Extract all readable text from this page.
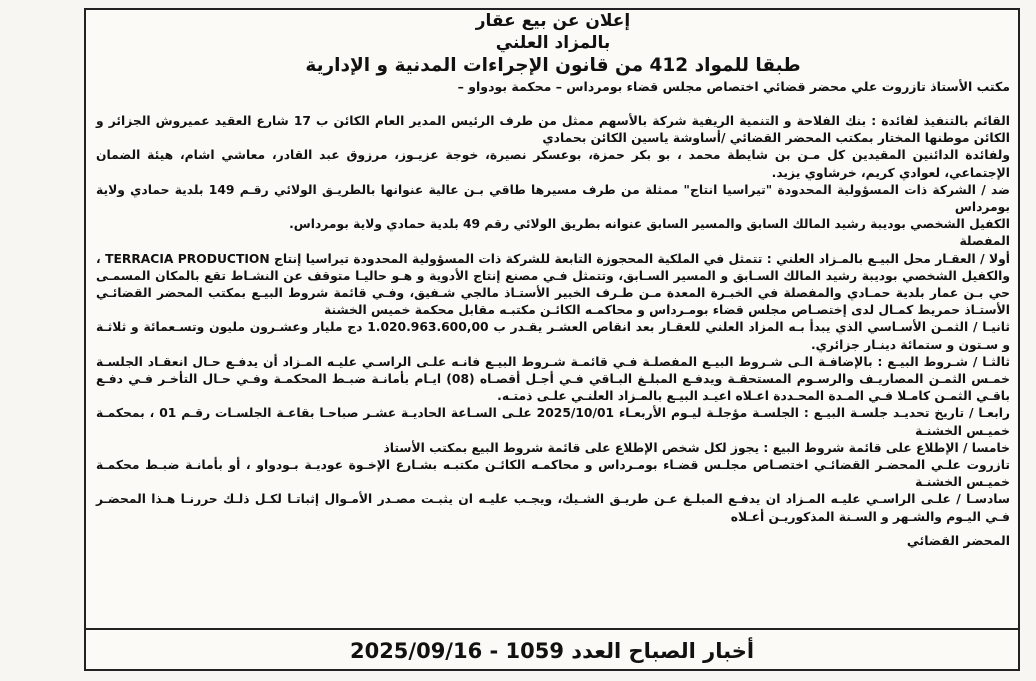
إعلان عن بيع عقار

بالمزاد العلني

طبقا للمواد 412 من قانون الإجراءات المدنية و الإدارية

مكتب الأستاذ تازروت علي محضر قضائي اختصاص مجلس قضاء بومرداس – محكمة بودواو –

القائم بالتنفيذ لفائدة : بنك الفلاحة و التنمية الريفية شركة بالأسهم ممثل من طرف الرئيس المدير العام الكائن ب 17 شارع العقيد عميروش الجزائر و الكائن موطنها المختار بمكتب المحضر القضائي /أساوشة ياسين الكائن بحمادي

ولفائدة الدائنين المقيدين كل مـن بن شايطة محمد ، بو بكر حمزة، بوعسكر نصيرة، خوجة عزيـوز، مرزوق عبد القادر، معاشي اشام، هيئة الضمان الإجتماعي، لعوادي كريم، خرشاوي يزيد.

ضد / الشركة ذات المسؤولية المحدودة "تيراسيا انتاج" ممثلة من طرف مسيرها طاقي بـن عالية عنوانها بالطريـق الولائي رقـم 149 بلدية حمادي ولاية بومرداس

الكفيل الشخصي بوديبة رشيد المالك السابق والمسير السابق عنوانه بطريق الولائي رقم 49 بلدية حمادي ولاية بومرداس.

المفصلة

أولا / العقـار محل البيـع بالمـزاد العلني : تتمثل في الملكية المحجوزة التابعة للشركة ذات المسؤولية المحدودة تيراسيا إنتاج TERRACIA PRODUCTION ، والكفيل الشخصي بوديبة رشيد المالك السـابق و المسير السـابق، وتتمثل فـي مصنع إنتاج الأدوية و هـو حاليـا متوقف عن النشـاط تقع بالمكان المسمـى حي بـن عمار بلدية حمـادي والمفصلة في الخبـرة المعدة مـن طـرف الخبير الأستـاذ مالجي شـفيق، وفـي قائمة شروط البيـع بمكتب المحضر القضائـي الأستـاذ حمريط كمـال لدى إختصـاص مجلس قضاء بومـرداس و محاكمـه الكائـن مكتبـه مقابل محكمة خميس الخشنة

ثانيـا / الثمـن الأسـاسي الذي يبدأ بـه المزاد العلني للعقـار بعد انقاص العشـر يقـدر ب 1.020.963.600,00 دج مليار وعشـرون مليون وتسـعمائة و ثلاثـة و سـتون و ستمائة دينـار جزائري.

ثالثـا / شـروط البيـع : بالإضافـة الـى شـروط البيـع المفصلـة فـي قائمـة شـروط البيـع فانـه علـى الراسـي عليـه المـزاد أن يدفـع حـال انعقـاد الجلسـة خمـس الثمـن المصاريـف والرسـوم المستحقـة ويدفـع المبلـغ البـاقي فـي أجـل أقصـاه (08) ايـام بأمانـة ضبـط المحكمـة وفـي حـال التأخـر فـي دفـع باقـي الثمـن كامـلا فـي المـدة المحـددة اعـلاه اعيـد البيـع بالمـزاد العلنـي علـى ذمتـه.

رابعـا / تاريخ تحديـد جلسـة البيـع : الجلسـة مؤجلـة ليـوم الأربعـاء 2025/10/01 علـى السـاعة الحاديـة عشـر صباحـا بقاعـة الجلسـات رقـم 01 ، بمحكمـة خميـس الخشنـة

خامسا / الإطلاع على قائمة شروط البيع : يجوز لكل شخص الإطلاع على قائمة شروط البيع بمكتب الأستاذ

تازروت علـي المحضـر القضائـي اختصـاص مجلـس قضـاء بومـرداس و محاكمـه الكائـن مكتبـه بشـارع الإخـوة عوديـة بـودواو ، أو بأمانـة ضبـط محكمـة خميـس الخشنـة

سادسـا / علـى الراسـي عليـه المـزاد ان يدفـع المبلـغ عـن طريـق الشـيك، ويجـب عليـه ان يثبـت مصـدر الأمـوال إثباتـا لكـل ذلـك حررنـا هـذا المحضـر فـي اليـوم والشـهر و السـنة المذكوريـن أعـلاه

المحضر القضائي

أخبار الصباح العدد 1059 - 2025/09/16
